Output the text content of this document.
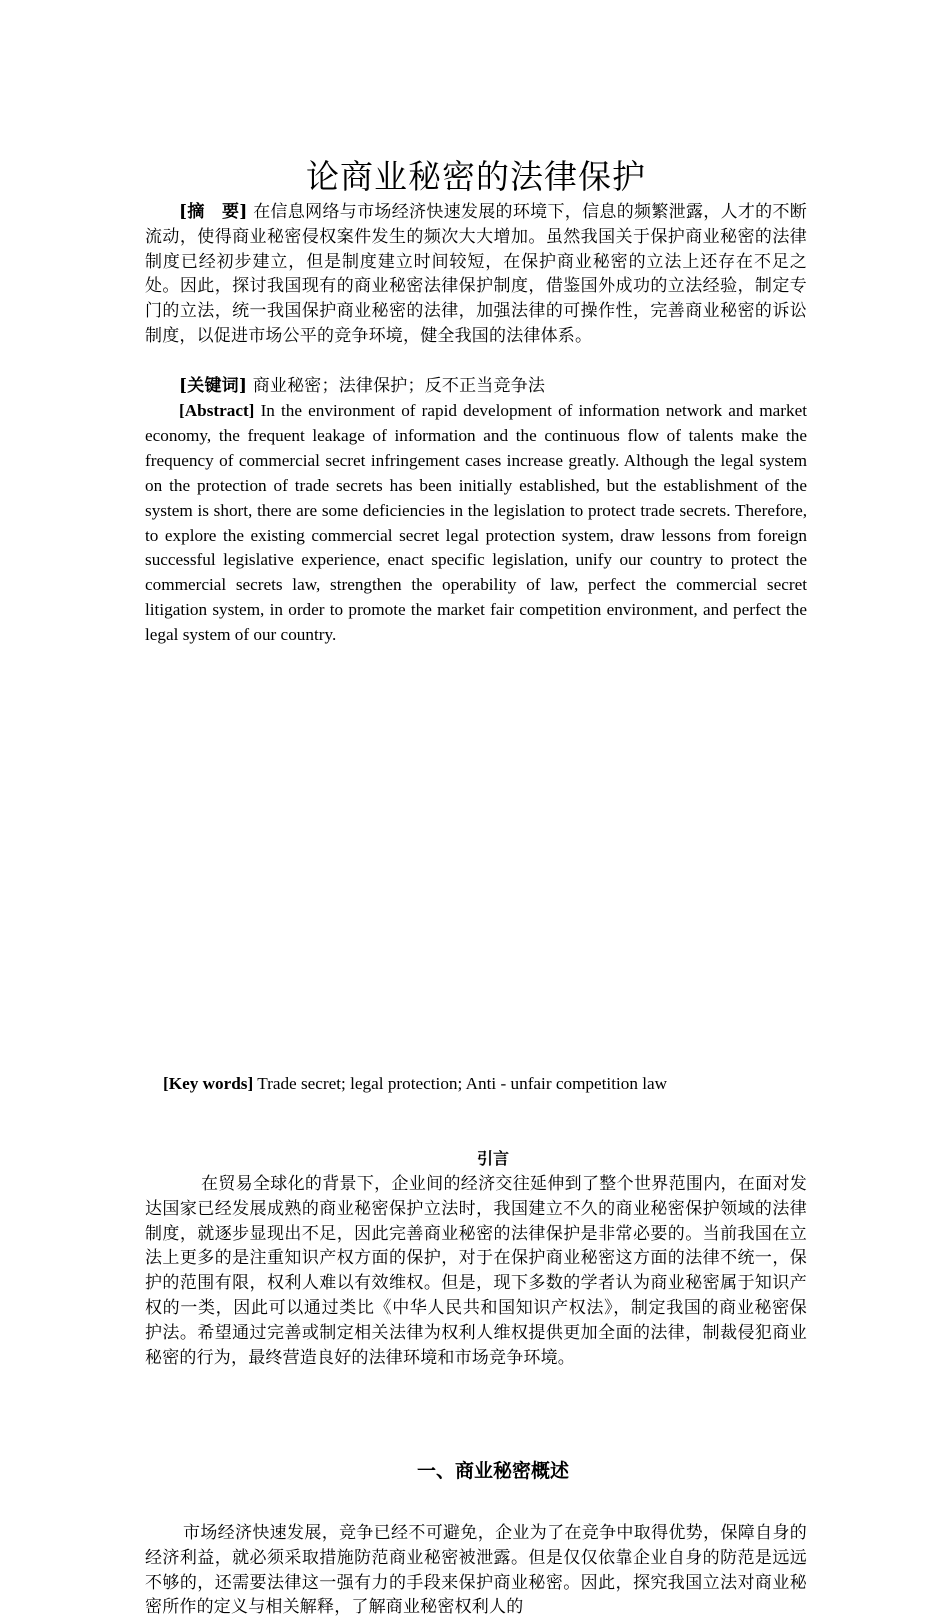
论商业秘密的法律保护
[摘　要] 在信息网络与市场经济快速发展的环境下，信息的频繁泄露，人才的不断流动，使得商业秘密侵权案件发生的频次大大增加。虽然我国关于保护商业秘密的法律制度已经初步建立，但是制度建立时间较短，在保护商业秘密的立法上还存在不足之处。因此，探讨我国现有的商业秘密法律保护制度，借鉴国外成功的立法经验，制定专门的立法，统一我国保护商业秘密的法律，加强法律的可操作性，完善商业秘密的诉讼制度，以促进市场公平的竞争环境，健全我国的法律体系。
[关键词] 商业秘密；法律保护；反不正当竞争法
[Abstract] In the environment of rapid development of information network and market economy, the frequent leakage of information and the continuous flow of talents make the frequency of commercial secret infringement cases increase greatly. Although the legal system on the protection of trade secrets has been initially established, but the establishment of the system is short, there are some deficiencies in the legislation to protect trade secrets. Therefore, to explore the existing commercial secret legal protection system, draw lessons from foreign successful legislative experience, enact specific legislation, unify our country to protect the commercial secrets law, strengthen the operability of law, perfect the commercial secret litigation system, in order to promote the market fair competition environment, and perfect the legal system of our country.
[Key words] Trade secret; legal protection; Anti - unfair competition law
引言
在贸易全球化的背景下，企业间的经济交往延伸到了整个世界范围内，在面对发达国家已经发展成熟的商业秘密保护立法时，我国建立不久的商业秘密保护领域的法律制度，就逐步显现出不足，因此完善商业秘密的法律保护是非常必要的。当前我国在立法上更多的是注重知识产权方面的保护，对于在保护商业秘密这方面的法律不统一，保护的范围有限，权利人难以有效维权。但是，现下多数的学者认为商业秘密属于知识产权的一类，因此可以通过类比《中华人民共和国知识产权法》，制定我国的商业秘密保护法。希望通过完善或制定相关法律为权利人维权提供更加全面的法律，制裁侵犯商业秘密的行为，最终营造良好的法律环境和市场竞争环境。
一、商业秘密概述
市场经济快速发展，竞争已经不可避免，企业为了在竞争中取得优势，保障自身的经济利益，就必须采取措施防范商业秘密被泄露。但是仅仅依靠企业自身的防范是远远不够的，还需要法律这一强有力的手段来保护商业秘密。因此，探究我国立法对商业秘密所作的定义与相关解释，了解商业秘密权利人的
